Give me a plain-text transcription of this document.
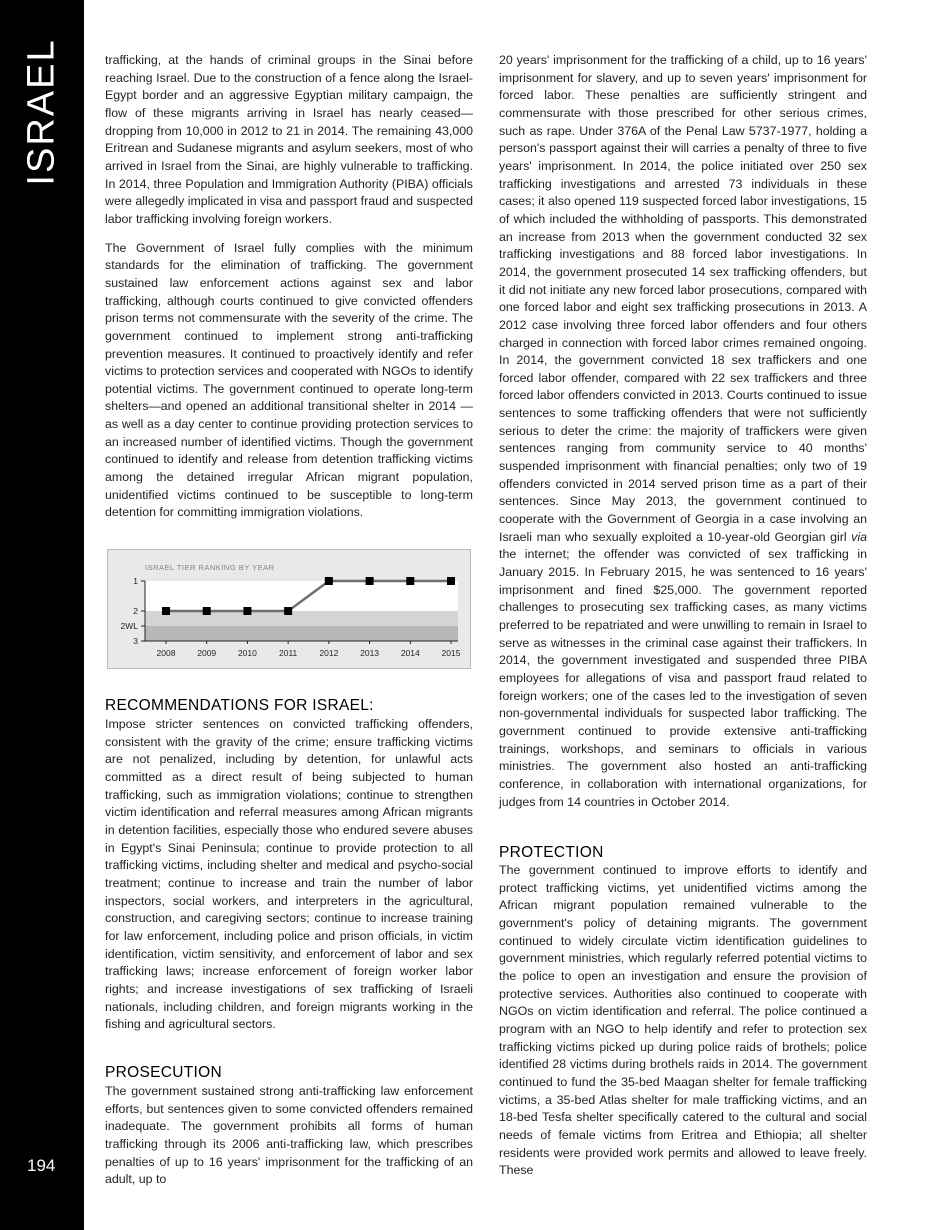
ISRAEL
194

trafficking, at the hands of criminal groups in the Sinai before reaching Israel. Due to the construction of a fence along the Israel-Egypt border and an aggressive Egyptian military campaign, the flow of these migrants arriving in Israel has nearly ceased—dropping from 10,000 in 2012 to 21 in 2014. The remaining 43,000 Eritrean and Sudanese migrants and asylum seekers, most of who arrived in Israel from the Sinai, are highly vulnerable to trafficking. In 2014, three Population and Immigration Authority (PIBA) officials were allegedly implicated in visa and passport fraud and suspected labor trafficking involving foreign workers.

The Government of Israel fully complies with the minimum standards for the elimination of trafficking. The government sustained law enforcement actions against sex and labor trafficking, although courts continued to give convicted offenders prison terms not commensurate with the severity of the crime. The government continued to implement strong anti-trafficking prevention measures. It continued to proactively identify and refer victims to protection services and cooperated with NGOs to identify potential victims. The government continued to operate long-term shelters—and opened an additional transitional shelter in 2014 —as well as a day center to continue providing protection services to an increased number of identified victims. Though the government continued to identify and release from detention trafficking victims among the detained irregular African migrant population, unidentified victims continued to be susceptible to long-term detention for committing immigration violations.

ISRAEL TIER RANKING BY YEAR
1
2
2WL
3
2008	2009	2010	2011	2012	2013	2014	2015
RECOMMENDATIONS FOR ISRAEL:

Impose stricter sentences on convicted trafficking offenders, consistent with the gravity of the crime; ensure trafficking victims are not penalized, including by detention, for unlawful acts committed as a direct result of being subjected to human trafficking, such as immigration violations; continue to strengthen victim identification and referral measures among African migrants in detention facilities, especially those who endured severe abuses in Egypt's Sinai Peninsula; continue to provide protection to all trafficking victims, including shelter and medical and psycho-social treatment; continue to increase and train the number of labor inspectors, social workers, and interpreters in the agricultural, construction, and caregiving sectors; continue to increase training for law enforcement, including police and prison officials, in victim identification, victim sensitivity, and enforcement of labor and sex trafficking laws; increase enforcement of foreign worker labor rights; and increase investigations of sex trafficking of Israeli nationals, including children, and foreign migrants working in the fishing and agricultural sectors.

PROSECUTION

The government sustained strong anti-trafficking law enforcement efforts, but sentences given to some convicted offenders remained inadequate. The government prohibits all forms of human trafficking through its 2006 anti-trafficking law, which prescribes penalties of up to 16 years' imprisonment for the trafficking of an adult, up to

20 years' imprisonment for the trafficking of a child, up to 16 years' imprisonment for slavery, and up to seven years' imprisonment for forced labor. These penalties are sufficiently stringent and commensurate with those prescribed for other serious crimes, such as rape. Under 376A of the Penal Law 5737-1977, holding a person's passport against their will carries a penalty of three to five years' imprisonment. In 2014, the police initiated over 250 sex trafficking investigations and arrested 73 individuals in these cases; it also opened 119 suspected forced labor investigations, 15 of which included the withholding of passports. This demonstrated an increase from 2013 when the government conducted 32 sex trafficking investigations and 88 forced labor investigations. In 2014, the government prosecuted 14 sex trafficking offenders, but it did not initiate any new forced labor prosecutions, compared with one forced labor and eight sex trafficking prosecutions in 2013. A 2012 case involving three forced labor offenders and four others charged in connection with forced labor crimes remained ongoing. In 2014, the government convicted 18 sex traffickers and one forced labor offender, compared with 22 sex traffickers and three forced labor offenders convicted in 2013. Courts continued to issue sentences to some trafficking offenders that were not sufficiently serious to deter the crime: the majority of traffickers were given sentences ranging from community service to 40 months' suspended imprisonment with financial penalties; only two of 19 offenders convicted in 2014 served prison time as a part of their sentences. Since May 2013, the government continued to cooperate with the Government of Georgia in a case involving an Israeli man who sexually exploited a 10-year-old Georgian girl via the internet; the offender was convicted of sex trafficking in January 2015. In February 2015, he was sentenced to 16 years' imprisonment and fined $25,000. The government reported challenges to prosecuting sex trafficking cases, as many victims preferred to be repatriated and were unwilling to remain in Israel to serve as witnesses in the criminal case against their traffickers. In 2014, the government investigated and suspended three PIBA employees for allegations of visa and passport fraud related to foreign workers; one of the cases led to the investigation of seven non-governmental individuals for suspected labor trafficking. The government continued to provide extensive anti-trafficking trainings, workshops, and seminars to officials in various ministries. The government also hosted an anti-trafficking conference, in collaboration with international organizations, for judges from 14 countries in October 2014.

PROTECTION

The government continued to improve efforts to identify and protect trafficking victims, yet unidentified victims among the African migrant population remained vulnerable to the government's policy of detaining migrants. The government continued to widely circulate victim identification guidelines to government ministries, which regularly referred potential victims to the police to open an investigation and ensure the provision of protective services. Authorities also continued to cooperate with NGOs on victim identification and referral. The police continued a program with an NGO to help identify and refer to protection sex trafficking victims picked up during police raids of brothels; police identified 28 victims during brothels raids in 2014. The government continued to fund the 35-bed Maagan shelter for female trafficking victims, a 35-bed Atlas shelter for male trafficking victims, and an 18-bed Tesfa shelter specifically catered to the cultural and social needs of female victims from Eritrea and Ethiopia; all shelter residents were provided work permits and allowed to leave freely. These
